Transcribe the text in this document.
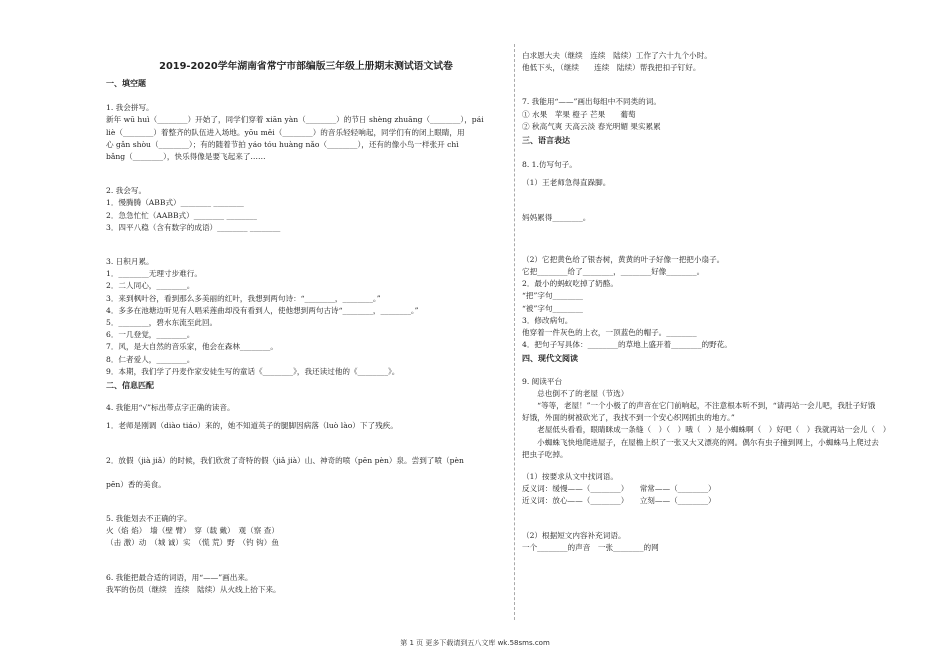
2019-2020学年湖南省常宁市部编版三年级上册期末测试语文试卷
一、填空题
1. 我会拼写。
新年 wū huì（________）开始了，同学们穿着 xiān yàn（________）的节日 shèng zhuāng（________），pái
liè（________）着整齐的队伍进入场地。yōu měi（________）的音乐轻轻响起，同学们有的闭上眼睛，用
心 gǎn shòu（________）；有的随着节拍 yáo tóu huàng nǎo（________），还有的像小鸟一样张开 chì
bǎng（________），快乐得像是要飞起来了……
2. 我会写。
1．慢腾腾（ABB式）________ ________
2．急急忙忙（AABB式）________ ________
3．四平八稳（含有数字的成语）________ ________
3. 日积月累。
1．________无理寸步难行。
2．二人同心，________。
3．来到枫叶谷，看到那么多美丽的红叶，我想到两句诗：“________，________。”
4．多多在池塘边听见有人唱采莲曲却没有看到人，使他想到两句古诗“________，________。”
5．________，碧水东流至此回。
6．一几登觉，________。
7．风，是大自然的音乐家，他会在森林________。
8．仁者爱人，________。
9．本期，我们学了丹麦作家安徒生写的童话《________》，我还读过他的《________》。
二、信息匹配
4. 我能用“√”标出带点字正确的读音。
1．老师是刚调（diào tiáo）来的，她不知道英子的腿脚因病落（luò lào）下了残疾。
2．放假（jià jiǎ）的时候，我们欣赏了奇特的假（jiǎ jià）山、神奇的喷（pēn pèn）泉。尝到了喷（pèn
pēn）香的美食。
5. 我能划去不正确的字。
火（焰 焰）　墙（壁 臂）　穿（载 戴）　观（察 查）
（击 激）动　（城 诚）实　（慌 荒）野　（钓 钩）鱼
6. 我能把最合适的词语，用“——”画出来。
我军的伤员（继续　连续　陆续）从火线上抬下来。
白求恩大夫（继续　连续　陆续）工作了六十九个小时。
他低下头，（继续　　连续　陆续）帮我把扣子钉好。
7. 我能用“——”画出每组中不同类的词。
① 水果　苹果 橙子 芒果　　葡萄
② 秋高气爽 天高云淡 春光明媚 果实累累
三、语言表达
8. 1.仿写句子。
（1）王老师急得直跺脚。
妈妈累得________。
（2）它把黄色给了银杏树，黄黄的叶子好像一把把小扇子。
它把________给了________，________好像________。
2．最小的蚂蚁吃掉了奶酪。
“把”字句________
“被”字句________
3．修改病句。
他穿着一件灰色的上衣，一顶蓝色的帽子。________
4．把句子写具体：________的草地上盛开着________的野花。
四、现代文阅读
9. 阅读平台
　　总也倒不了的老屋（节选）
　　“等等，老屋！”一个小极了的声音在它门前响起，不注意根本听不到，“请再站一会儿吧，我肚子好饿
好饿，外面的树被砍光了，我找不到一个安心织网抓虫的地方。”
　　老屋低头看看，眼睛眯成一条缝（　）（　）哦（　）是小蜘蛛啊（　）好吧（　）我就再站一会儿（　）
　　小蜘蛛飞快地爬进屋子，在屋檐上织了一张又大又漂亮的网。偶尔有虫子撞到网上，小蜘蛛马上爬过去
把虫子吃掉。
（1）按要求从文中找词语。
反义词：缓慢——（________）　　常常——（________）
近义词：放心——（________）　　立刻——（________）
（2）根据短文内容补充词语。
一个________的声音　一张________的网
第 1 页 更多下载请到五八文库 wk.58sms.com
